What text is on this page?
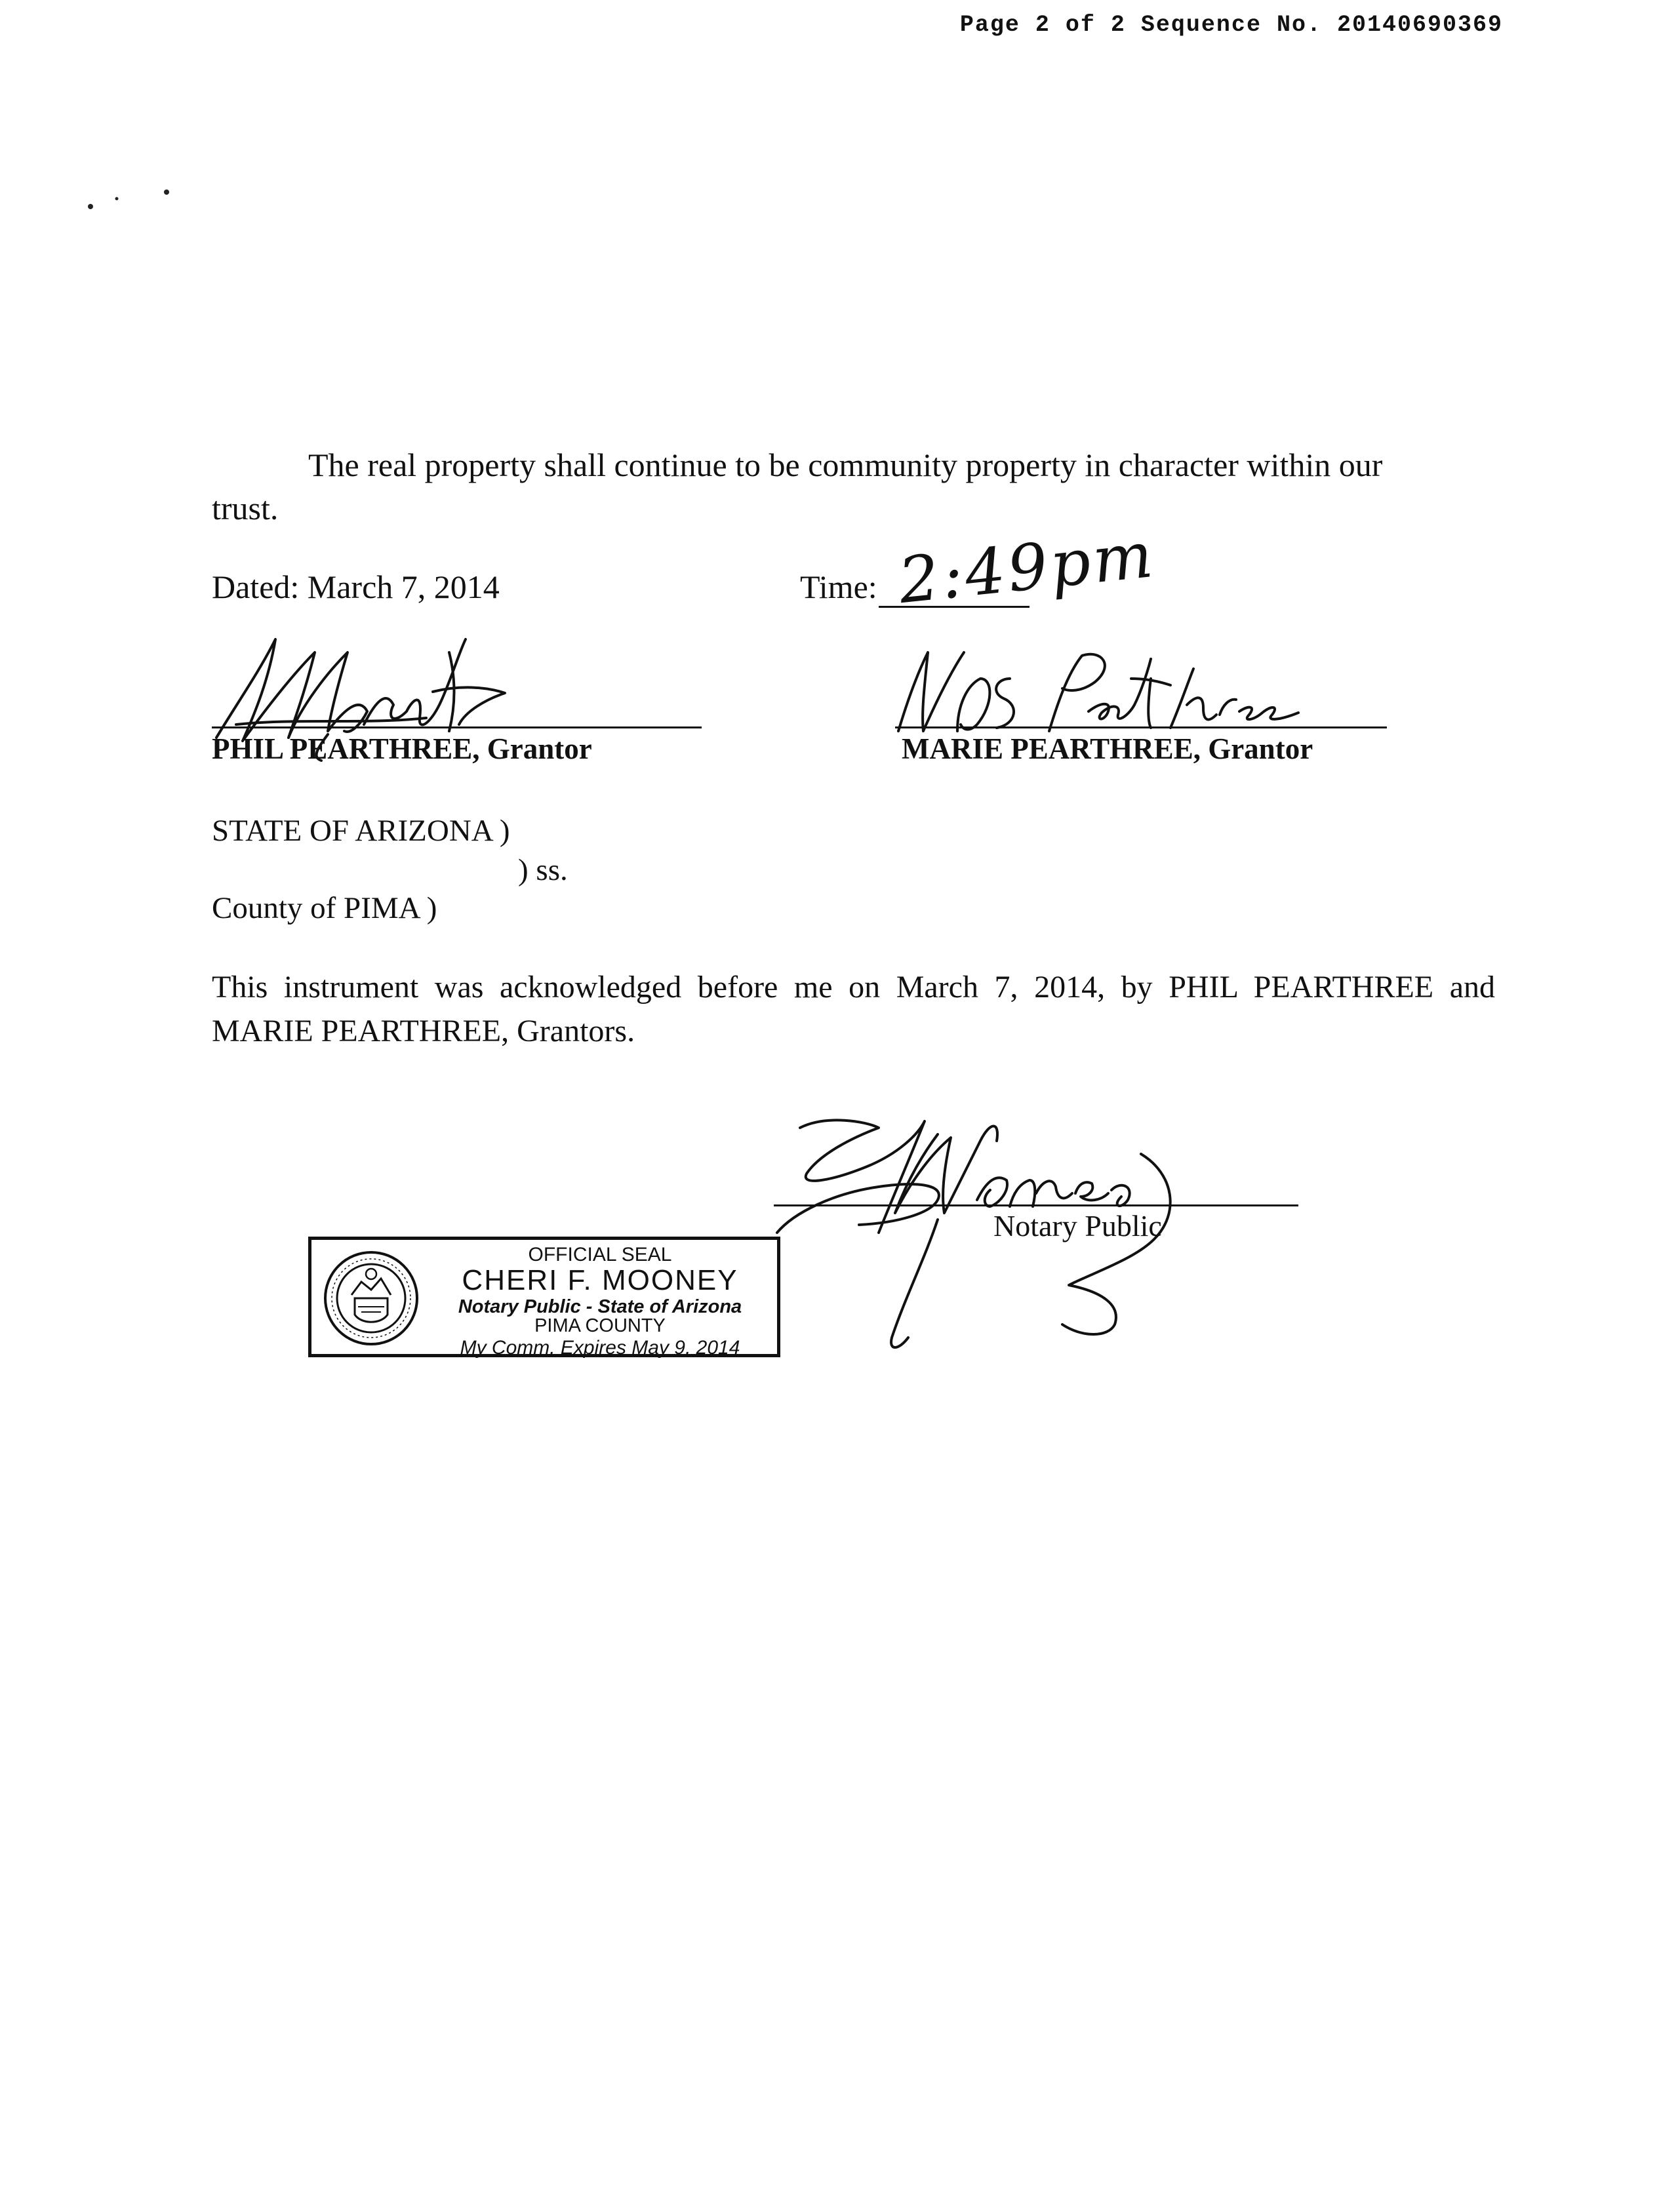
Page 2 of 2 Sequence No. 20140690369
The real property shall continue to be community property in character within our
trust.
Dated: March 7, 2014	Time: 2:49pm
PHIL PEARTHREE, Grantor	MARIE PEARTHREE, Grantor
STATE OF ARIZONA )
) ss.
County of PIMA )
This instrument was acknowledged before me on March 7, 2014, by PHIL PEARTHREE and
MARIE PEARTHREE, Grantors.
Notary Public
OFFICIAL SEAL
CHERI F. MOONEY
Notary Public - State of Arizona
PIMA COUNTY
My Comm. Expires May 9, 2014
